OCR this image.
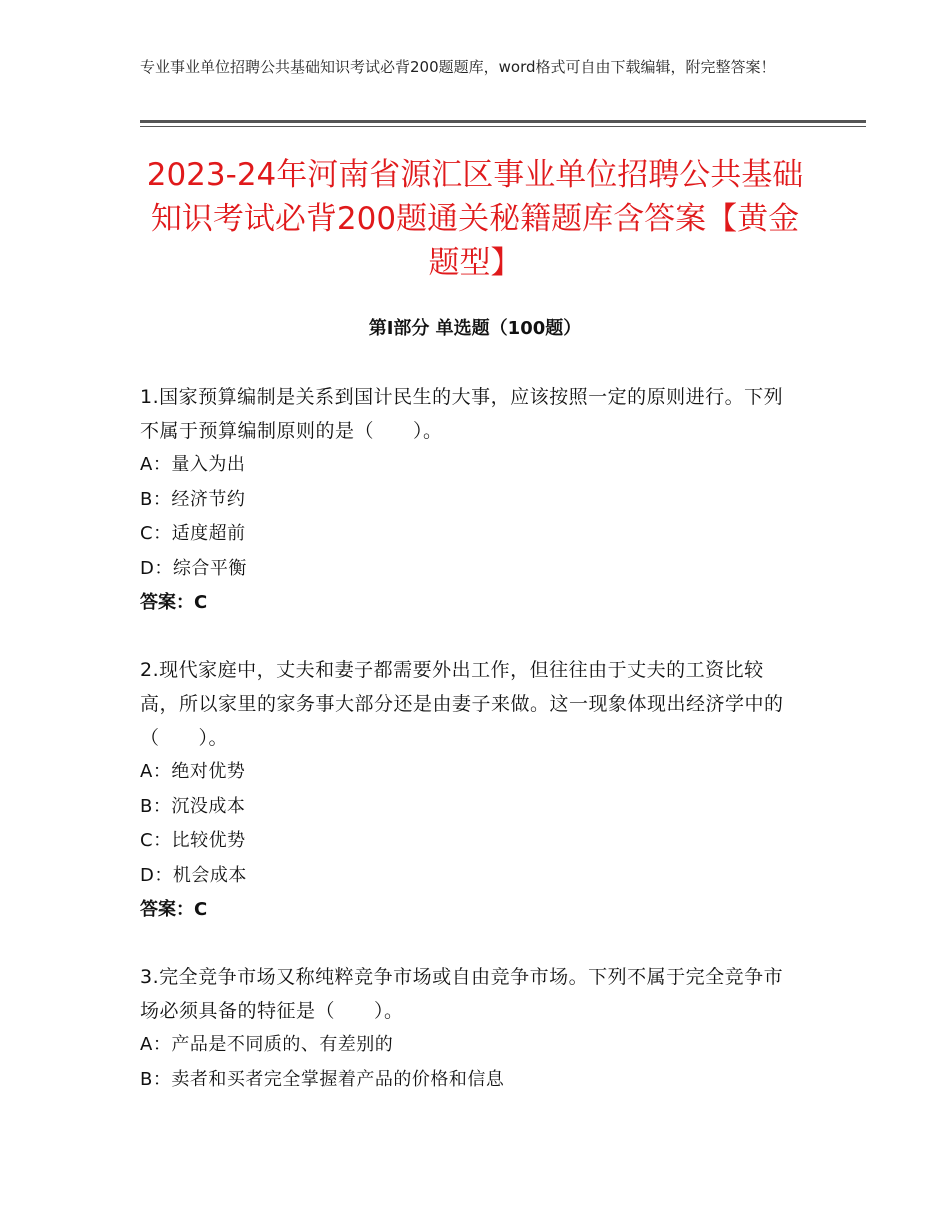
专业事业单位招聘公共基础知识考试必背200题题库，word格式可自由下载编辑，附完整答案！
2023-24年河南省源汇区事业单位招聘公共基础知识考试必背200题通关秘籍题库含答案【黄金题型】
第I部分 单选题（100题）
1.国家预算编制是关系到国计民生的大事，应该按照一定的原则进行。下列不属于预算编制原则的是（　　）。
A：量入为出
B：经济节约
C：适度超前
D：综合平衡
答案：C
2.现代家庭中，丈夫和妻子都需要外出工作，但往往由于丈夫的工资比较高，所以家里的家务事大部分还是由妻子来做。这一现象体现出经济学中的（　　）。
A：绝对优势
B：沉没成本
C：比较优势
D：机会成本
答案：C
3.完全竞争市场又称纯粹竞争市场或自由竞争市场。下列不属于完全竞争市场必须具备的特征是（　　）。
A：产品是不同质的、有差别的
B：卖者和买者完全掌握着产品的价格和信息
